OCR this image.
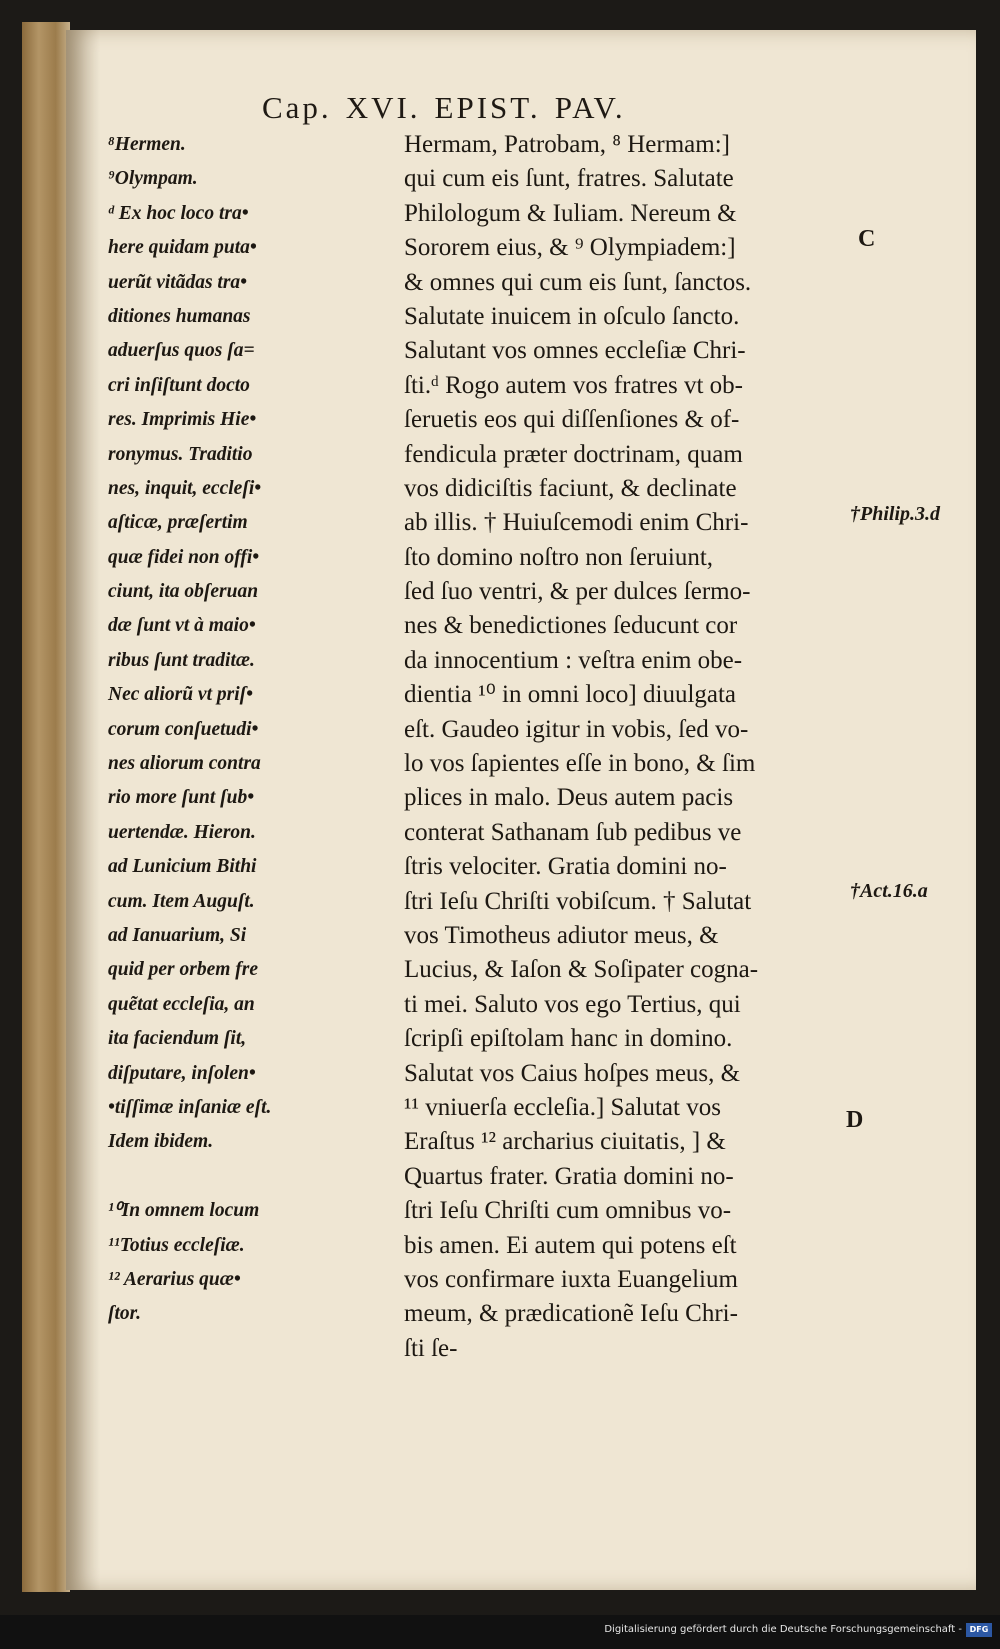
Cap. XVI. EPIST. PAV.
⁸Hermen.
⁹Olympam.
ᵈ Ex hoc loco tra•
here quidam puta•
uerũt vitãdas tra•
ditiones humanas
aduerſus quos ſa=
cri inſiſtunt docto
res. Imprimis Hie•
ronymus. Traditio
nes, inquit, eccleſi•
aſticæ, præſertim
quæ fidei non offi•
ciunt, ita obſeruan
dæ ſunt vt à maio•
ribus ſunt traditæ.
Nec aliorũ vt priſ•
corum conſuetudi•
nes aliorum contra
rio more ſunt ſub•
uertendæ. Hieron.
ad Lunicium Bithi
cum. Item Auguſt.
ad Ianuarium, Si
quid per orbem fre
quẽtat eccleſia, an
ita faciendum ſit,
diſputare, inſolen•
•tiſſimæ inſaniæ eſt.
Idem ibidem.
¹⁰In omnem locum
¹¹Totius eccleſiæ.
¹² Aerarius quæ•
ſtor.
Hermam, Patrobam, ⁸ Hermam:]
qui cum eis ſunt, fratres. Salutate
Philologum & Iuliam. Nereum &
Sororem eius, & ⁹ Olympiadem:]
& omnes qui cum eis ſunt, ſanctos.
Salutate inuicem in oſculo ſancto.
Salutant vos omnes eccleſiæ Chri-
ſti.ᵈ Rogo autem vos fratres vt ob-
ſeruetis eos qui diſſenſiones & of-
fendicula præter doctrinam, quam
vos didiciſtis faciunt, & declinate
ab illis. † Huiuſcemodi enim Chri-
ſto domino noſtro non ſeruiunt,
ſed ſuo ventri, & per dulces ſermo-
nes & benedictiones ſeducunt cor
da innocentium : veſtra enim obe-
dientia ¹⁰ in omni loco] diuulgata
eſt. Gaudeo igitur in vobis, ſed vo-
lo vos ſapientes eſſe in bono, & ſim
plices in malo. Deus autem pacis
conterat Sathanam ſub pedibus ve
ſtris velociter. Gratia domini no-
ſtri Ieſu Chriſti vobiſcum. † Salutat
vos Timotheus adiutor meus, &
Lucius, & Iaſon & Soſipater cogna-
ti mei. Saluto vos ego Tertius, qui
ſcripſi epiſtolam hanc in domino.
Salutat vos Caius hoſpes meus, &
¹¹ vniuerſa eccleſia.] Salutat vos
Eraſtus ¹² archarius ciuitatis, ] &
Quartus frater. Gratia domini no-
ſtri Ieſu Chriſti cum omnibus vo-
bis amen. Ei autem qui potens eſt
vos confirmare iuxta Euangelium
meum, & prædicationẽ Ieſu Chri-
ſti ſe-
C
†Philip.3.d
†Act.16.a
D
Digitalisierung gefördert durch die Deutsche Forschungsgemeinschaft - DFG
